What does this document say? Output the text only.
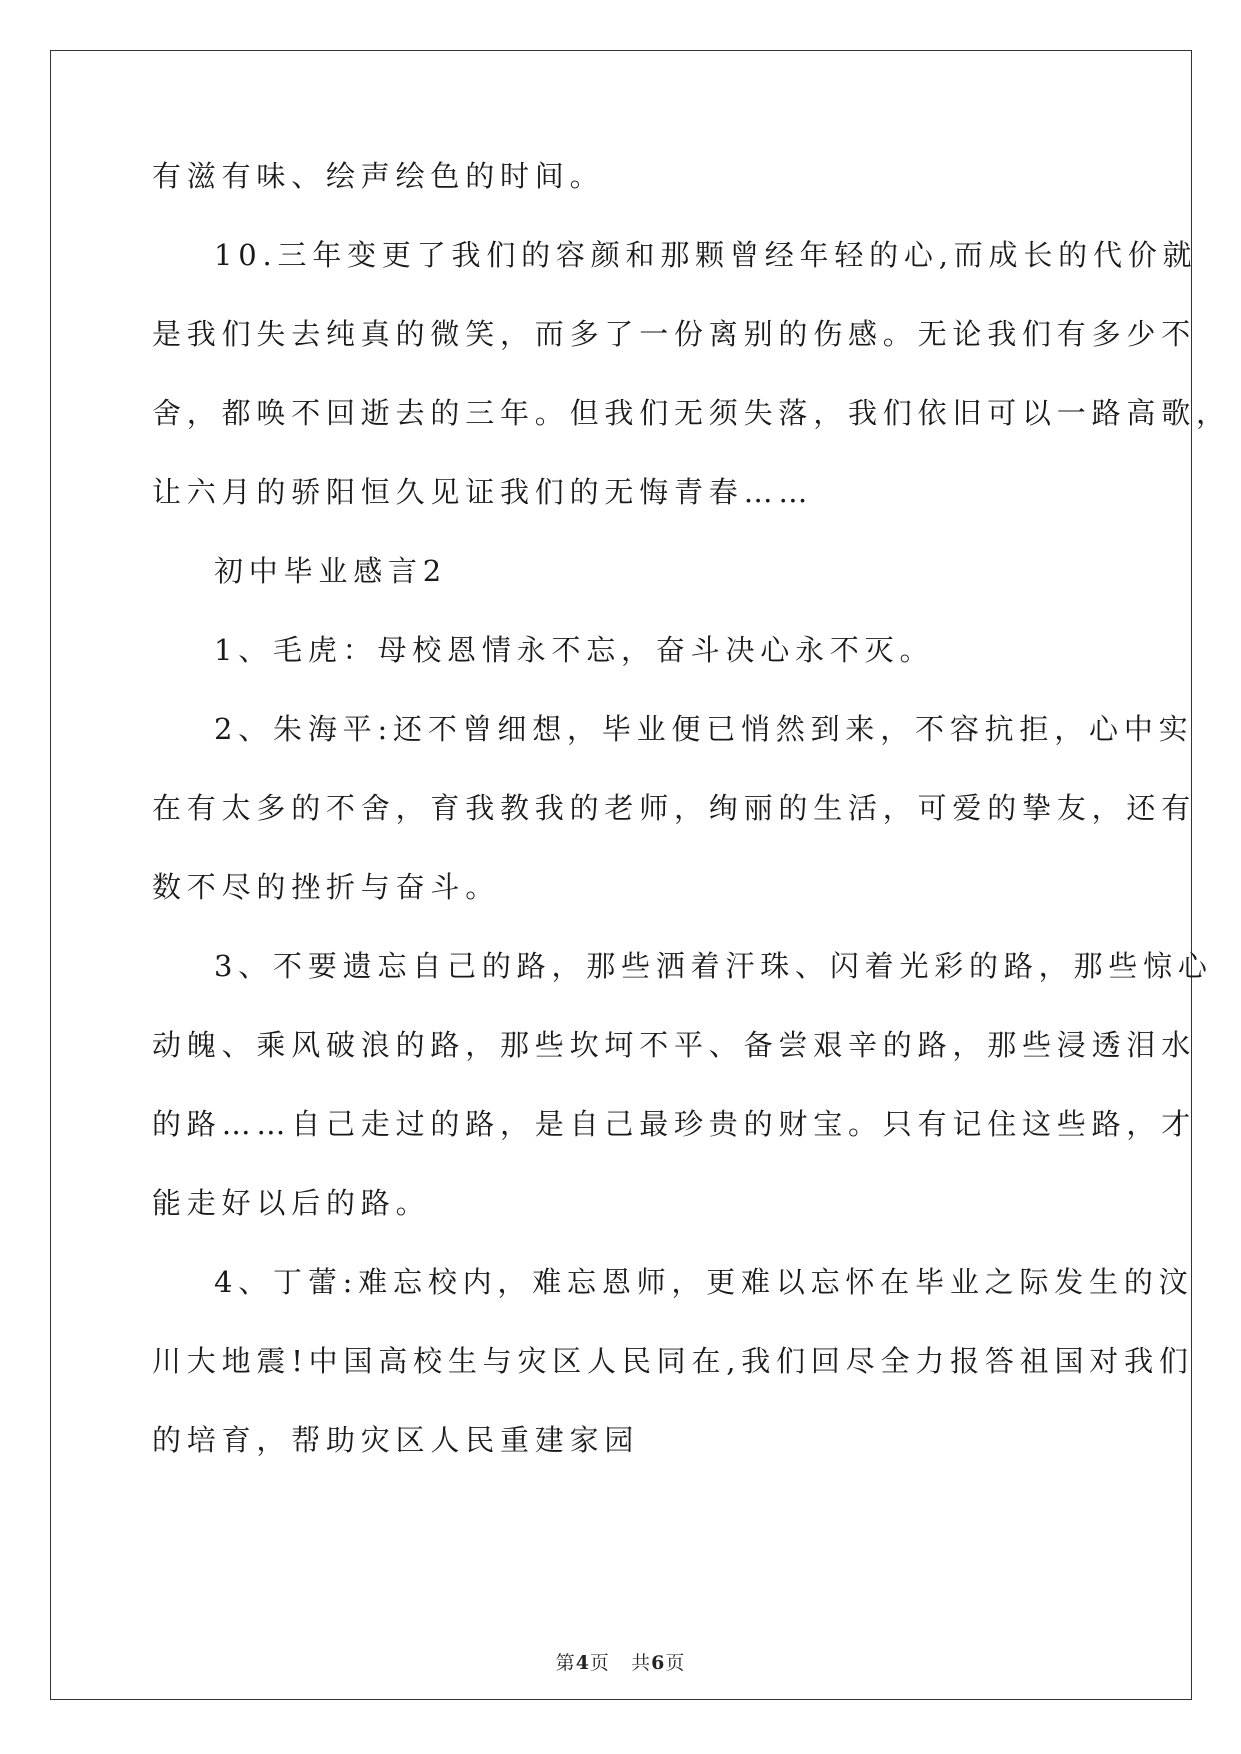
有滋有味、绘声绘色的时间。

10.三年变更了我们的容颜和那颗曾经年轻的心,而成长的代价就

是我们失去纯真的微笑，而多了一份离别的伤感。无论我们有多少不

舍，都唤不回逝去的三年。但我们无须失落，我们依旧可以一路高歌，

让六月的骄阳恒久见证我们的无悔青春……

初中毕业感言2

1、毛虎：母校恩情永不忘，奋斗决心永不灭。

2、朱海平:还不曾细想，毕业便已悄然到来，不容抗拒，心中实

在有太多的不舍，育我教我的老师，绚丽的生活，可爱的挚友，还有

数不尽的挫折与奋斗。

3、不要遗忘自己的路，那些洒着汗珠、闪着光彩的路，那些惊心

动魄、乘风破浪的路，那些坎坷不平、备尝艰辛的路，那些浸透泪水

的路……自己走过的路，是自己最珍贵的财宝。只有记住这些路，才

能走好以后的路。

4、丁蕾:难忘校内，难忘恩师，更难以忘怀在毕业之际发生的汶

川大地震!中国高校生与灾区人民同在,我们回尽全力报答祖国对我们

的培育，帮助灾区人民重建家园

第4页 共6页
